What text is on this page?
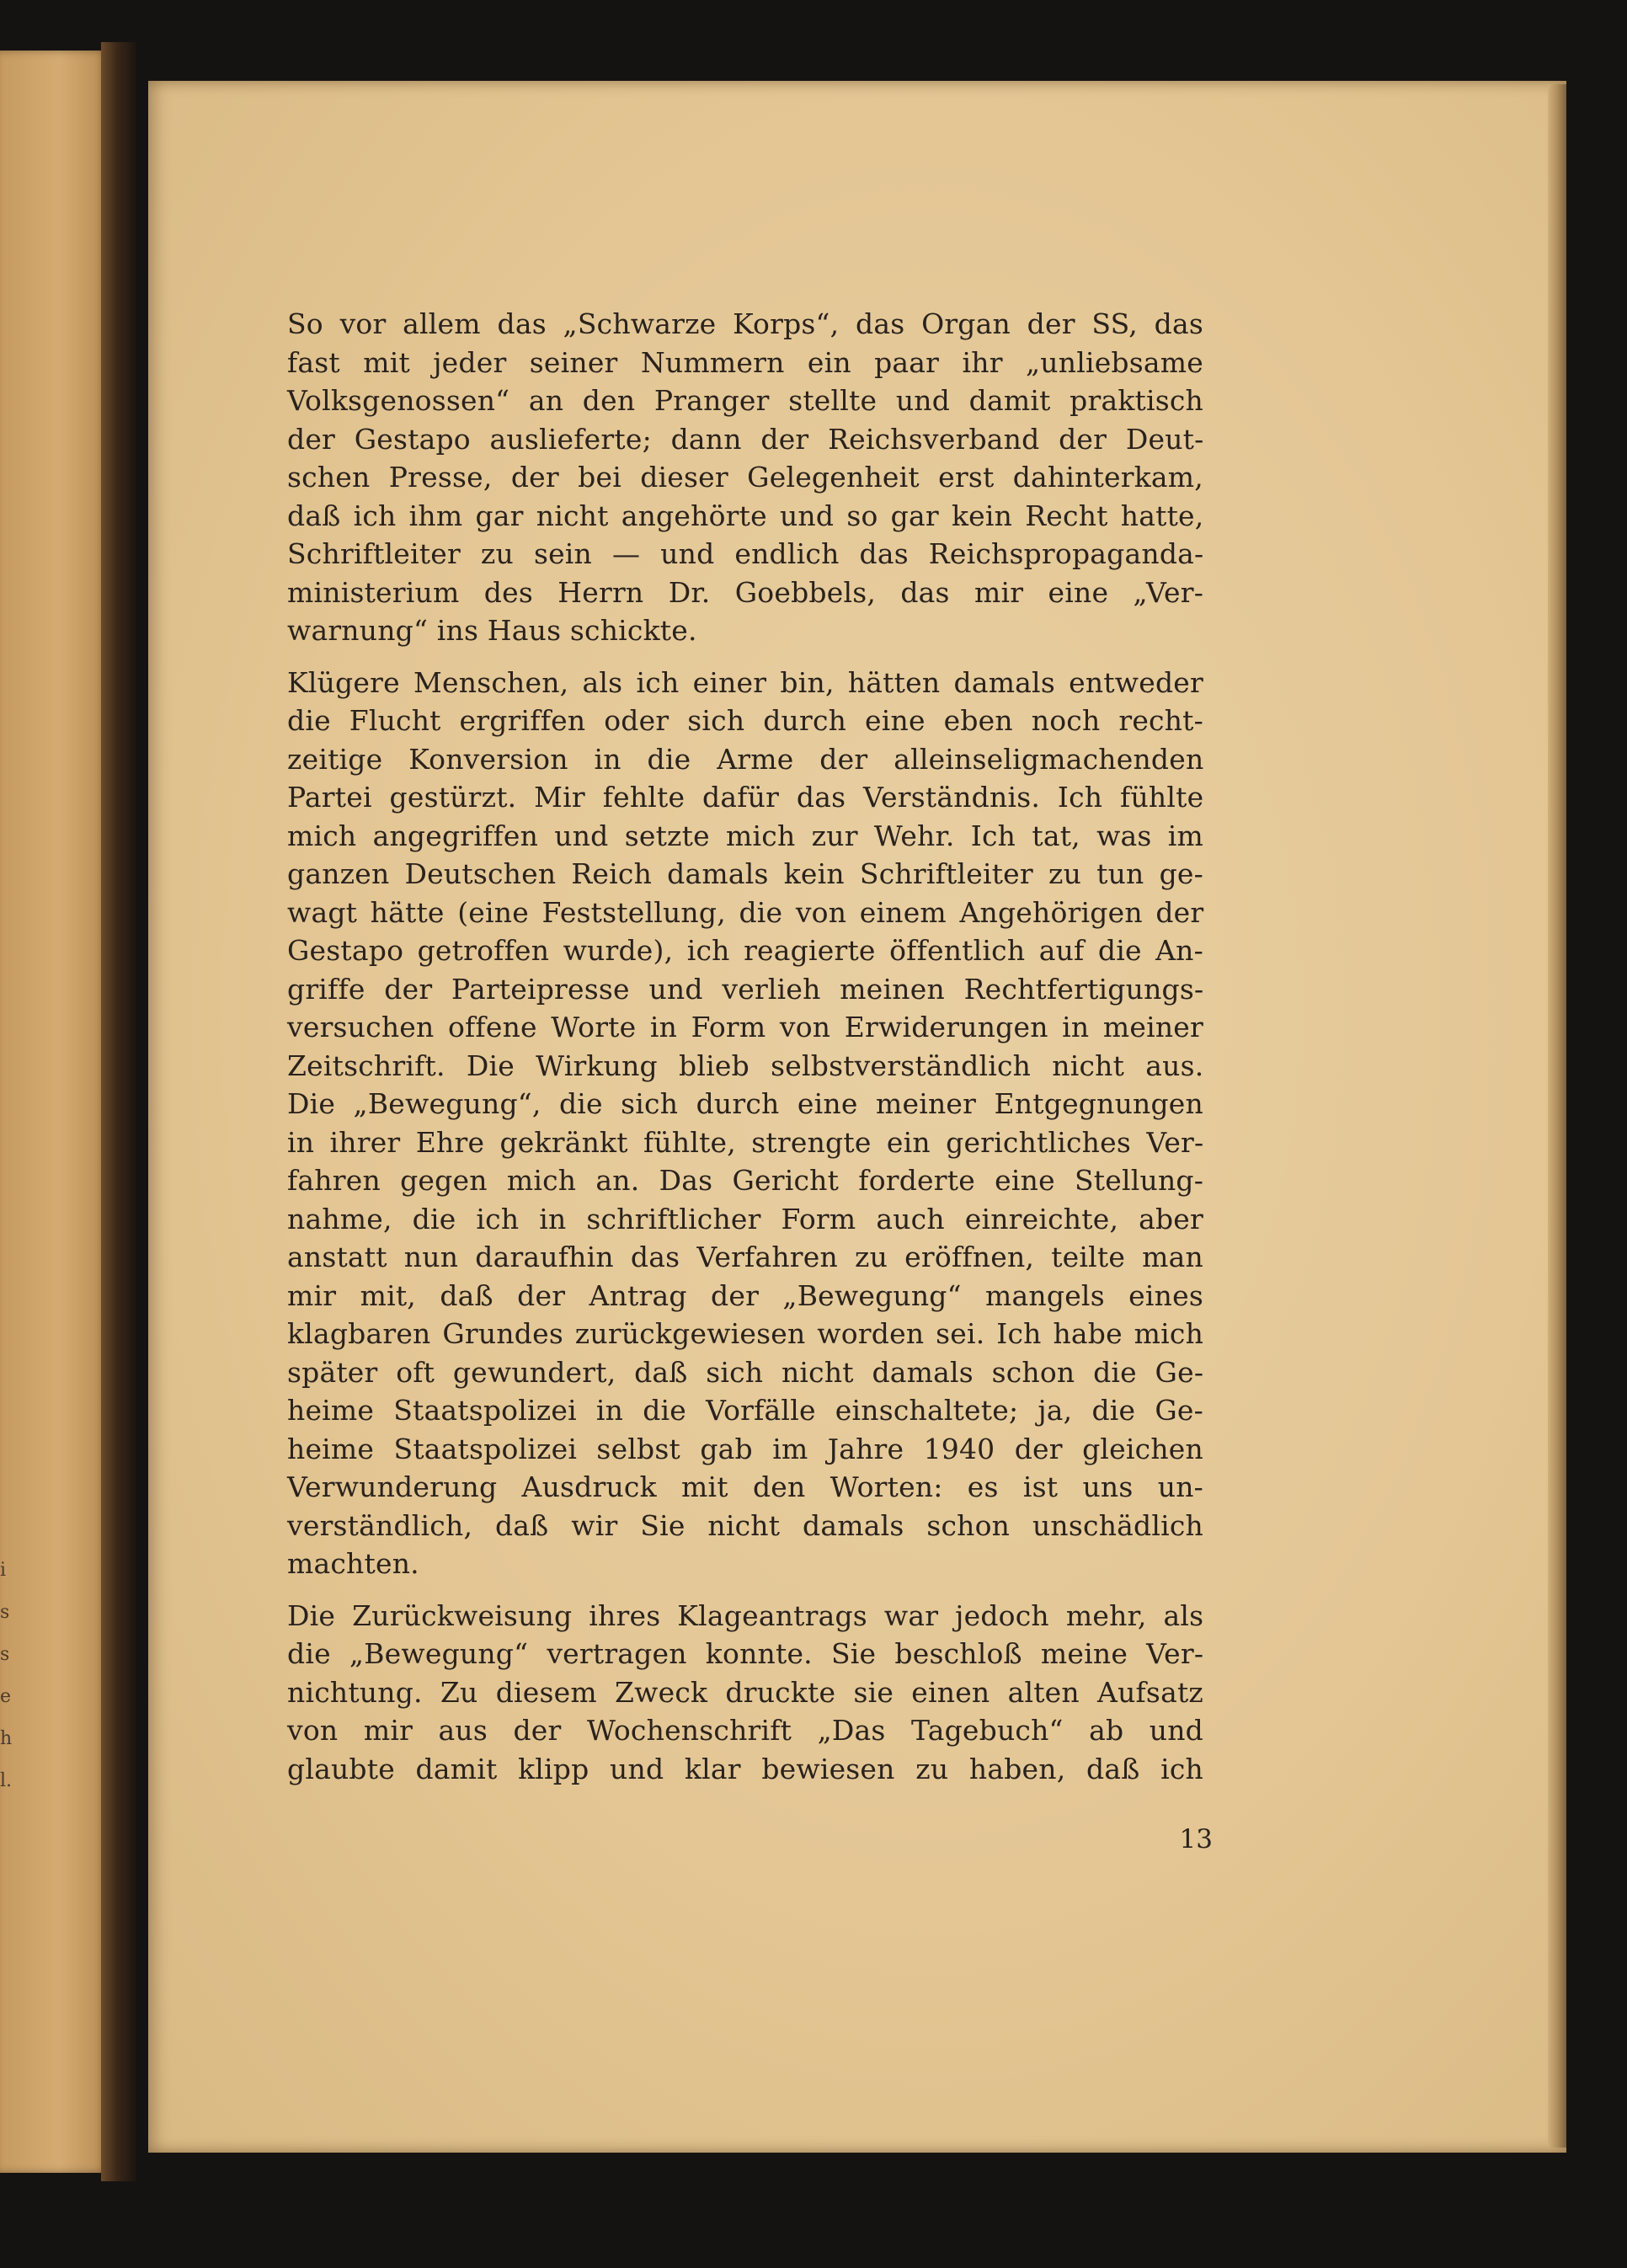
i
s
s
e
h
l.
So vor allem das „Schwarze Korps“, das Organ der SS, das
fast mit jeder seiner Nummern ein paar ihr „unliebsame
Volksgenossen“ an den Pranger stellte und damit praktisch
der Gestapo auslieferte; dann der Reichsverband der Deut-
schen Presse, der bei dieser Gelegenheit erst dahinterkam,
daß ich ihm gar nicht angehörte und so gar kein Recht hatte,
Schriftleiter zu sein — und endlich das Reichspropaganda-
ministerium des Herrn Dr. Goebbels, das mir eine „Ver-
warnung“ ins Haus schickte.
Klügere Menschen, als ich einer bin, hätten damals entweder
die Flucht ergriffen oder sich durch eine eben noch recht-
zeitige Konversion in die Arme der alleinseligmachenden
Partei gestürzt. Mir fehlte dafür das Verständnis. Ich fühlte
mich angegriffen und setzte mich zur Wehr. Ich tat, was im
ganzen Deutschen Reich damals kein Schriftleiter zu tun ge-
wagt hätte (eine Feststellung, die von einem Angehörigen der
Gestapo getroffen wurde), ich reagierte öffentlich auf die An-
griffe der Parteipresse und verlieh meinen Rechtfertigungs-
versuchen offene Worte in Form von Erwiderungen in meiner
Zeitschrift. Die Wirkung blieb selbstverständlich nicht aus.
Die „Bewegung“, die sich durch eine meiner Entgegnungen
in ihrer Ehre gekränkt fühlte, strengte ein gerichtliches Ver-
fahren gegen mich an. Das Gericht forderte eine Stellung-
nahme, die ich in schriftlicher Form auch einreichte, aber
anstatt nun daraufhin das Verfahren zu eröffnen, teilte man
mir mit, daß der Antrag der „Bewegung“ mangels eines
klagbaren Grundes zurückgewiesen worden sei. Ich habe mich
später oft gewundert, daß sich nicht damals schon die Ge-
heime Staatspolizei in die Vorfälle einschaltete; ja, die Ge-
heime Staatspolizei selbst gab im Jahre 1940 der gleichen
Verwunderung Ausdruck mit den Worten: es ist uns un-
verständlich, daß wir Sie nicht damals schon unschädlich
machten.
Die Zurückweisung ihres Klageantrags war jedoch mehr, als
die „Bewegung“ vertragen konnte. Sie beschloß meine Ver-
nichtung. Zu diesem Zweck druckte sie einen alten Aufsatz
von mir aus der Wochenschrift „Das Tagebuch“ ab und
glaubte damit klipp und klar bewiesen zu haben, daß ich
13
